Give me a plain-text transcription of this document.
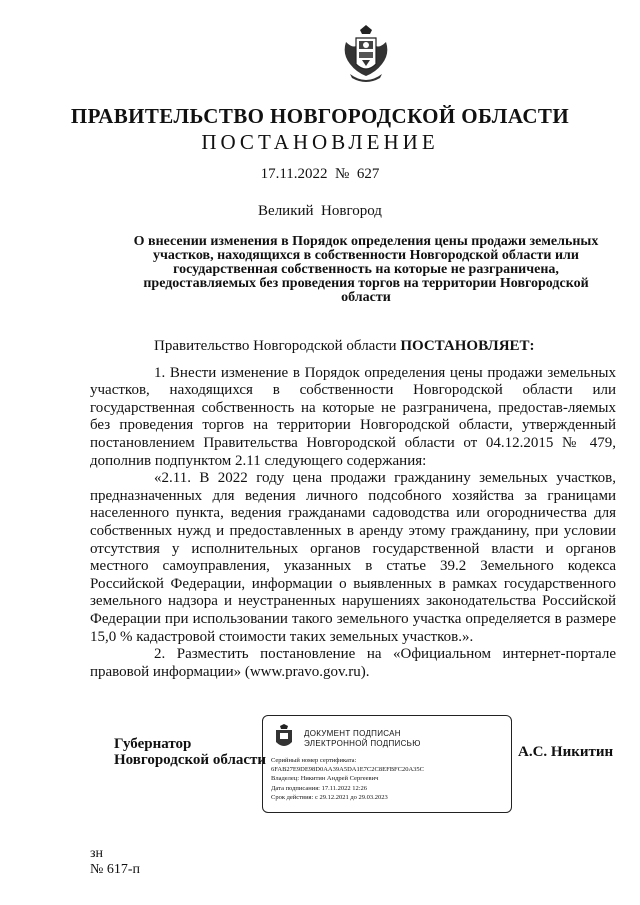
ПРАВИТЕЛЬСТВО НОВГОРОДСКОЙ ОБЛАСТИ
ПОСТАНОВЛЕНИЕ
17.11.2022  №  627
Великий  Новгород
О внесении изменения в Порядок определения цены продажи земельных участков, находящихся в собственности Новгородской области или государственная собственность на которые не разграничена, предоставляемых без проведения торгов на территории Новгородской области

Правительство Новгородской области ПОСТАНОВЛЯЕТ:

1. Внести изменение в Порядок определения цены продажи земельных участков, находящихся в собственности Новгородской области или государственная собственность на которые не разграничена, предостав-ляемых без проведения торгов на территории Новгородской области, утвержденный постановлением Правительства Новгородской области от 04.12.2015 № 479, дополнив подпунктом 2.11 следующего содержания:

«2.11. В 2022 году цена продажи гражданину земельных участков, предназначенных для ведения личного подсобного хозяйства за границами населенного пункта, ведения гражданами садоводства или огородничества для собственных нужд и предоставленных в аренду этому гражданину, при условии отсутствия у исполнительных органов государственной власти и органов местного самоуправления, указанных в статье 39.2 Земельного кодекса Российской Федерации, информации о выявленных в рамках государственного земельного надзора и неустраненных нарушениях законодательства Российской Федерации при использовании такого земельного участка определяется в размере 15,0 % кадастровой стоимости таких земельных участков.».

2. Разместить постановление на «Официальном интернет-портале правовой информации» (www.pravo.gov.ru).

Губернатор
Новгородской области
ДОКУМЕНТ ПОДПИСАН
ЭЛЕКТРОННОЙ ПОДПИСЬЮ
Серийный номер сертификата:
6FAB27E9DE98D0AA39A5DA1E7C2C8EFBFC20A35C
Владелец: Никитин Андрей Сергеевич
Дата подписания: 17.11.2022 12:26
Срок действия: с 29.12.2021 до 29.03.2023
А.С. Никитин
зн
№ 617-п
